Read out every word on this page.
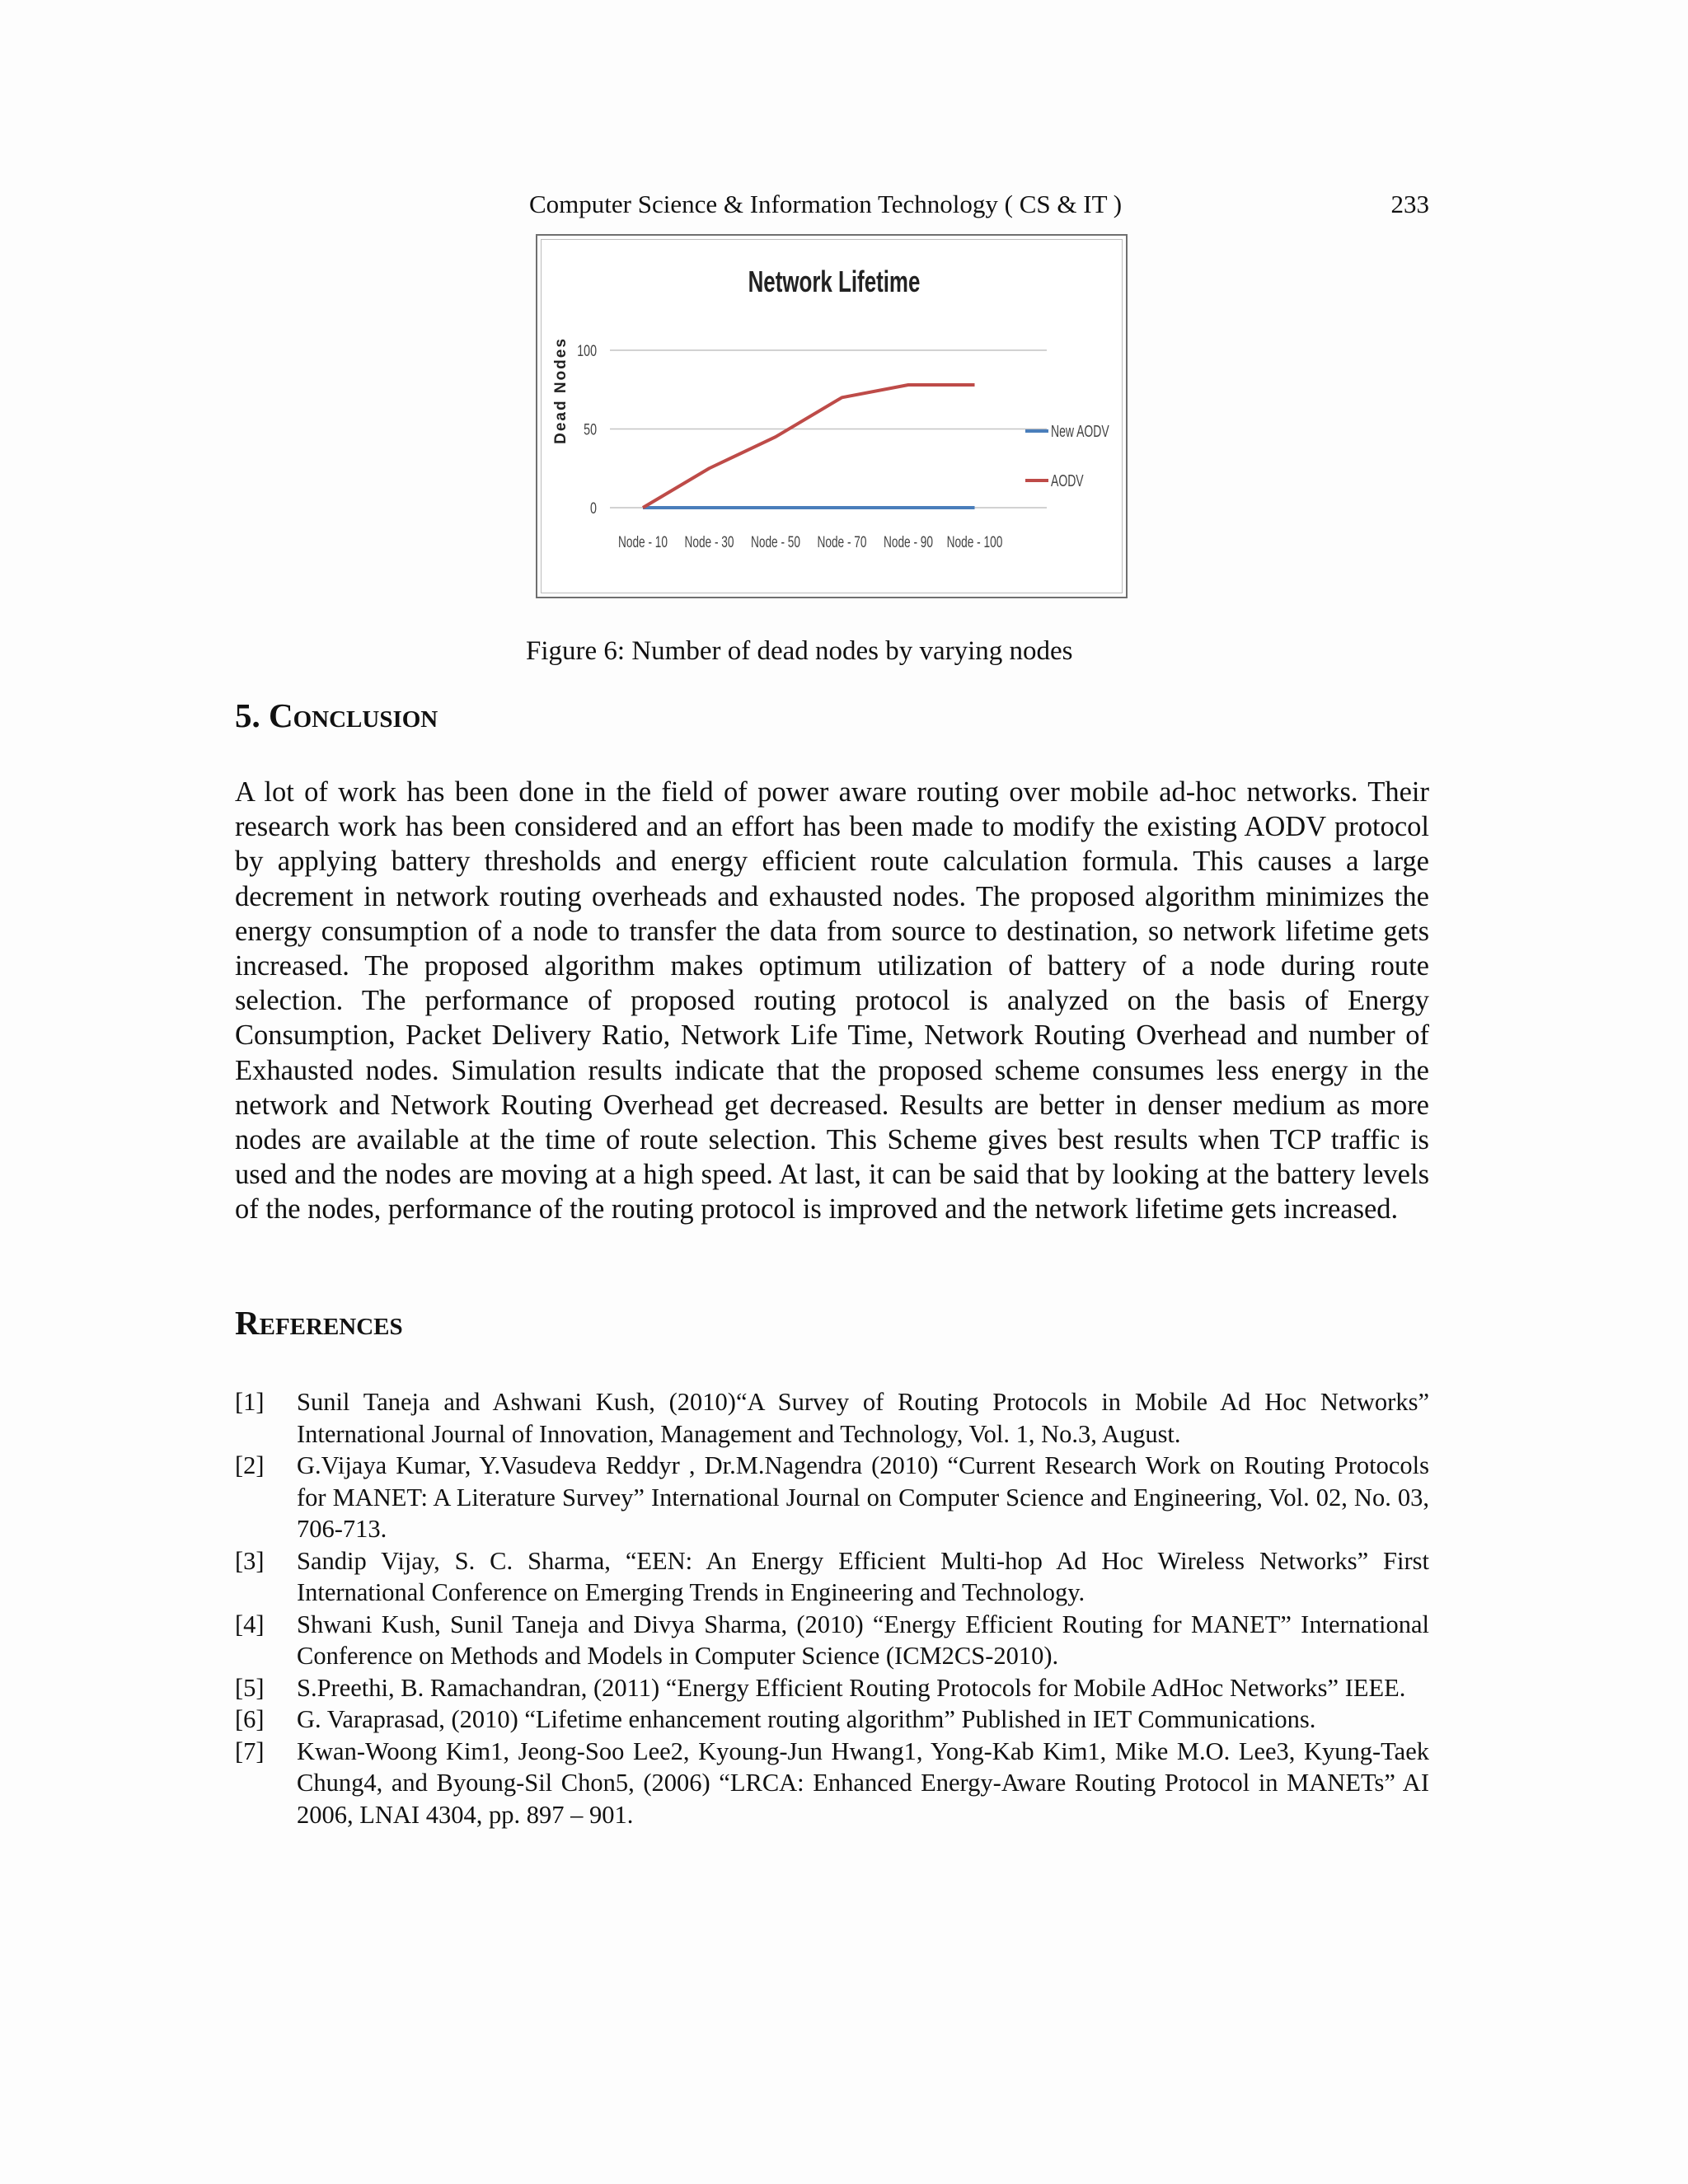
Computer Science & Information Technology ( CS & IT )	233
Network Lifetime
Dead Nodes
0
50
100
Node - 10 Node - 30 Node - 50 Node - 70 Node - 90 Node - 100
New AODV
AODV
Figure 6: Number of dead nodes by varying nodes
5. Conclusion

A lot of work has been done in the field of power aware routing over mobile ad-hoc networks. Their research work has been considered and an effort has been made to modify the existing AODV protocol by applying battery thresholds and energy efficient route calculation formula. This causes a large decrement in network routing overheads and exhausted nodes. The proposed algorithm minimizes the energy consumption of a node to transfer the data from source to destination, so network lifetime gets increased. The proposed algorithm makes optimum utilization of battery of a node during route selection. The performance of proposed routing protocol is analyzed on the basis of Energy Consumption, Packet Delivery Ratio, Network Life Time, Network Routing Overhead and number of Exhausted nodes. Simulation results indicate that the proposed scheme consumes less energy in the network and Network Routing Overhead get decreased. Results are better in denser medium as more nodes are available at the time of route selection. This Scheme gives best results when TCP traffic is used and the nodes are moving at a high speed. At last, it can be said that by looking at the battery levels of the nodes, performance of the routing protocol is improved and the network lifetime gets increased.

References
[1] Sunil Taneja and Ashwani Kush, (2010)“A Survey of Routing Protocols in Mobile Ad Hoc Networks” International Journal of Innovation, Management and Technology, Vol. 1, No.3, August.
[2] G.Vijaya Kumar, Y.Vasudeva Reddyr , Dr.M.Nagendra (2010) “Current Research Work on Routing Protocols for MANET: A Literature Survey” International Journal on Computer Science and Engineering, Vol. 02, No. 03, 706-713.
[3] Sandip Vijay, S. C. Sharma, “EEN: An Energy Efficient Multi-hop Ad Hoc Wireless Networks” First International Conference on Emerging Trends in Engineering and Technology.
[4] Shwani Kush, Sunil Taneja and Divya Sharma, (2010) “Energy Efficient Routing for MANET” International Conference on Methods and Models in Computer Science (ICM2CS-2010).
[5] S.Preethi, B. Ramachandran, (2011) “Energy Efficient Routing Protocols for Mobile AdHoc Networks” IEEE.
[6] G. Varaprasad, (2010) “Lifetime enhancement routing algorithm” Published in IET Communications.
[7] Kwan-Woong Kim1, Jeong-Soo Lee2, Kyoung-Jun Hwang1, Yong-Kab Kim1, Mike M.O. Lee3, Kyung-Taek Chung4, and Byoung-Sil Chon5, (2006) “LRCA: Enhanced Energy-Aware Routing Protocol in MANETs” AI 2006, LNAI 4304, pp. 897 – 901.
